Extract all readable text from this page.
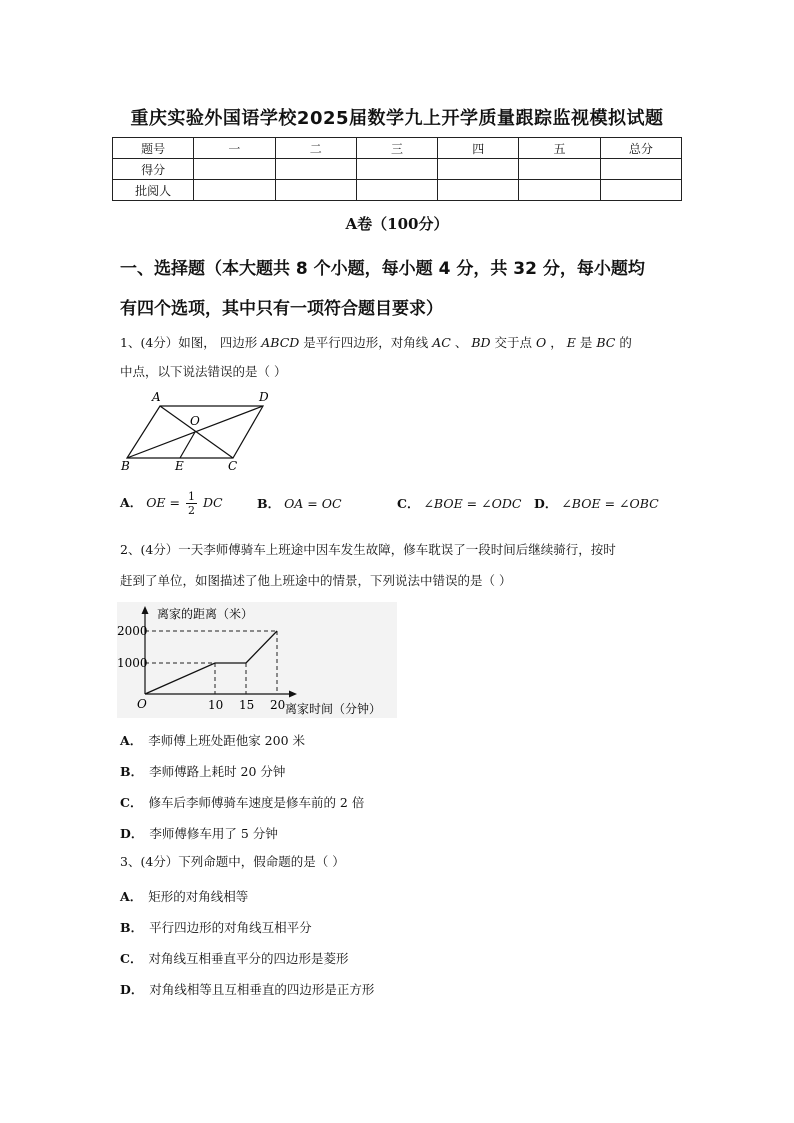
重庆实验外国语学校2025届数学九上开学质量跟踪监视模拟试题
题号	一	二	三	四	五	总分
得分						
批阅人						
A卷（100分）
一、选择题（本大题共 8 个小题，每小题 4 分，共 32 分，每小题均
有四个选项，其中只有一项符合题目要求）
1、(4分）如图， 四边形 ABCD 是平行四边形，对角线 AC 、 BD 交于点 O ， E 是 BC 的
中点，以下说法错误的是（ ）
A	D
O
B	E	C
A． OE = $\frac{1}{2}$ DC	B． OA = OC	C． ∠BOE = ∠ODC D． ∠BOE = ∠OBC
2、(4分）一天李师傅骑车上班途中因车发生故障，修车耽误了一段时间后继续骑行，按时
赶到了单位，如图描述了他上班途中的情景，下列说法中错误的是（ ）
离家的距离（米）
2000
1000
O	10 15 20 离家时间（分钟）
A． 李师傅上班处距他家 200 米
B． 李师傅路上耗时 20 分钟
C． 修车后李师傅骑车速度是修车前的 2 倍
D． 李师傅修车用了 5 分钟
3、(4分）下列命题中，假命题的是（ ）
A． 矩形的对角线相等
B． 平行四边形的对角线互相平分
C． 对角线互相垂直平分的四边形是菱形
D． 对角线相等且互相垂直的四边形是正方形
